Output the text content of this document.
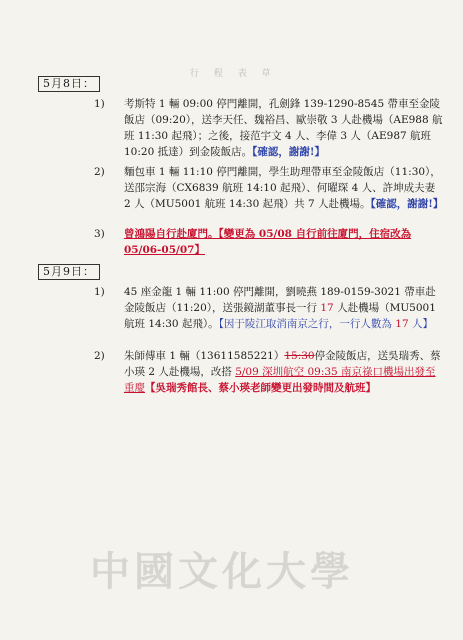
行 程 表 草
5月8日：
1) 考斯特 1 輛 09:00 停門離開，孔劍鋒 139-1290-8545 帶車至金陵飯店（09:20），送李天任、魏裕昌、歐崇敬 3 人赴機場（AE988 航班 11:30 起飛）；之後，接范宇文 4 人、李偉 3 人（AE987 航班 10:20 抵達）到金陵飯店。【確認，謝謝!】
2) 麵包車 1 輛 11:10 停門離開，學生助理帶車至金陵飯店（11:30），送邵宗海（CX6839 航班 14:10 起飛）、何曜琛 4 人、許坤成夫妻 2 人（MU5001 航班 14:30 起飛）共 7 人赴機場。【確認，謝謝!】
3) 曾鴻陽自行赴廈門。【變更為 05/08 自行前往廈門，住宿改為 05/06-05/07】
5月9日：
1) 45 座金龍 1 輛 11:00 停門離開，劉曉燕 189-0159-3021 帶車赴金陵飯店（11:20），送張鏡湖董事長一行 17 人赴機場（MU5001 航班 14:30 起飛）。【因于陵江取消南京之行，一行人數為 17 人】
2) 朱師傅車 1 輛（13611585221）15:30停金陵飯店，送吳瑞秀、蔡小瑛 2 人赴機場，改搭 5/09 深圳航空 09:35 南京祿口機場出發至重慶【吳瑞秀館長、蔡小瑛老師變更出發時間及航班】
中國文化大學
